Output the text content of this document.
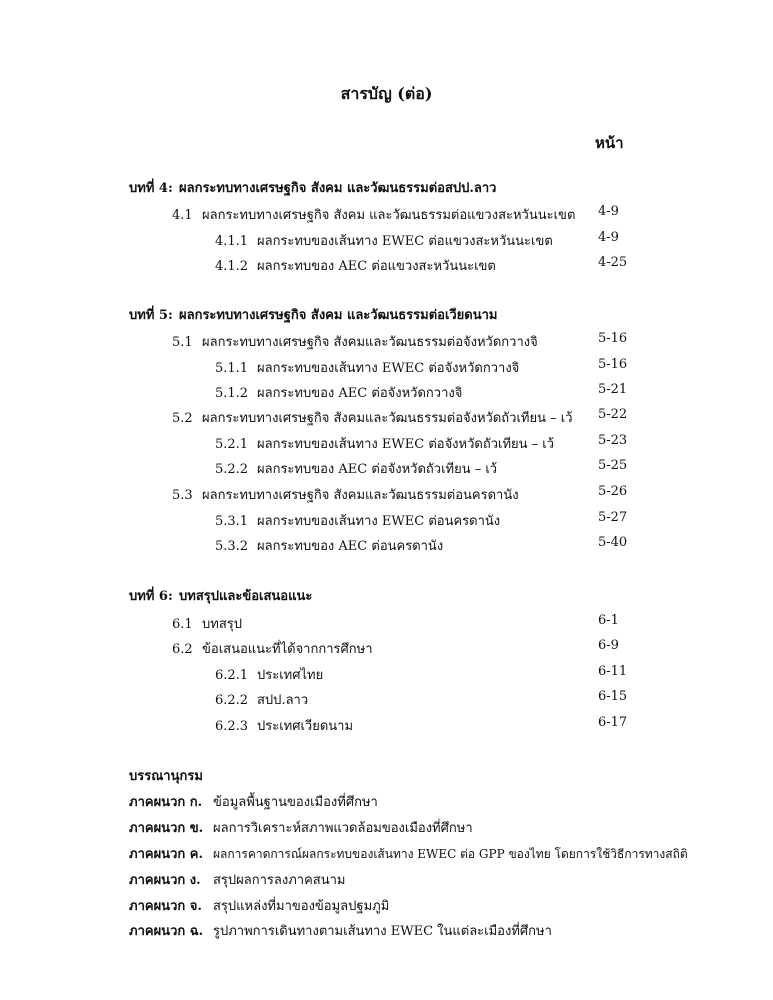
สารบัญ (ต่อ)
หน้า
บทที่ 4: ผลกระทบทางเศรษฐกิจ สังคม และวัฒนธรรมต่อสปป.ลาว
4.1 ผลกระทบทางเศรษฐกิจ สังคม และวัฒนธรรมต่อแขวงสะหวันนะเขต 4-9
4.1.1 ผลกระทบของเส้นทาง EWEC ต่อแขวงสะหวันนะเขต	4-9
4.1.2 ผลกระทบของ AEC ต่อแขวงสะหวันนะเขต	4-25
บทที่ 5: ผลกระทบทางเศรษฐกิจ สังคม และวัฒนธรรมต่อเวียดนาม
5.1 ผลกระทบทางเศรษฐกิจ สังคมและวัฒนธรรมต่อจังหวัดกวางจิ	5-16
5.1.1 ผลกระทบของเส้นทาง EWEC ต่อจังหวัดกวางจิ	5-16
5.1.2 ผลกระทบของ AEC ต่อจังหวัดกวางจิ	5-21
5.2 ผลกระทบทางเศรษฐกิจ สังคมและวัฒนธรรมต่อจังหวัดถัวเทียน – เว้ 5-22
5.2.1 ผลกระทบของเส้นทาง EWEC ต่อจังหวัดถัวเทียน – เว้	5-23
5.2.2 ผลกระทบของ AEC ต่อจังหวัดถัวเทียน – เว้	5-25
5.3 ผลกระทบทางเศรษฐกิจ สังคมและวัฒนธรรมต่อนครดานัง	5-26
5.3.1 ผลกระทบของเส้นทาง EWEC ต่อนครดานัง	5-27
5.3.2 ผลกระทบของ AEC ต่อนครดานัง	5-40
บทที่ 6: บทสรุปและข้อเสนอแนะ
6.1 บทสรุป	6-1
6.2 ข้อเสนอแนะที่ได้จากการศึกษา	6-9
6.2.1 ประเทศไทย	6-11
6.2.2 สปป.ลาว	6-15
6.2.3 ประเทศเวียดนาม	6-17
บรรณานุกรม
ภาคผนวก ก. ข้อมูลพื้นฐานของเมืองที่ศึกษา
ภาคผนวก ข. ผลการวิเคราะห์สภาพแวดล้อมของเมืองที่ศึกษา
ภาคผนวก ค. ผลการคาดการณ์ผลกระทบของเส้นทาง EWEC ต่อ GPP ของไทย โดยการใช้วิธีการทางสถิติ
ภาคผนวก ง. สรุปผลการลงภาคสนาม
ภาคผนวก จ. สรุปแหล่งที่มาของข้อมูลปฐมภูมิ
ภาคผนวก ฉ. รูปภาพการเดินทางตามเส้นทาง EWEC ในแต่ละเมืองที่ศึกษา
